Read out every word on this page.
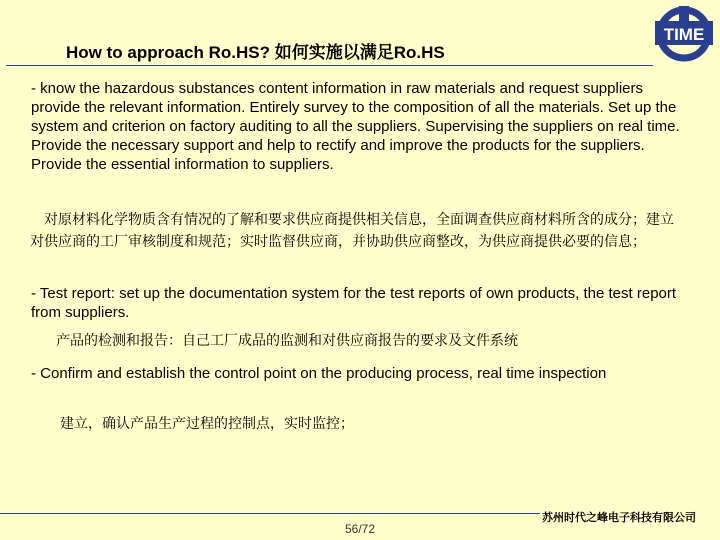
How to approach Ro.HS? 如何实施以满足Ro.HS
TIME
- know the hazardous substances content information in raw materials and request suppliers provide the relevant information. Entirely survey to the composition of all the materials. Set up the system and criterion on factory auditing to all the suppliers. Supervising the suppliers on real time. Provide the necessary support and help to rectify and improve the products for the suppliers. Provide the essential information to suppliers.
对原材料化学物质含有情况的了解和要求供应商提供相关信息，全面调查供应商材料所含的成分；建立对供应商的工厂审核制度和规范；实时监督供应商，并协助供应商整改，为供应商提供必要的信息；
- Test report: set up the documentation system for the test reports of own products, the test report from suppliers.
产品的检测和报告：自己工厂成品的监测和对供应商报告的要求及文件系统
- Confirm and establish the control point on the producing process, real time inspection
建立，确认产品生产过程的控制点，实时监控；
苏州时代之峰电子科技有限公司
56/72
